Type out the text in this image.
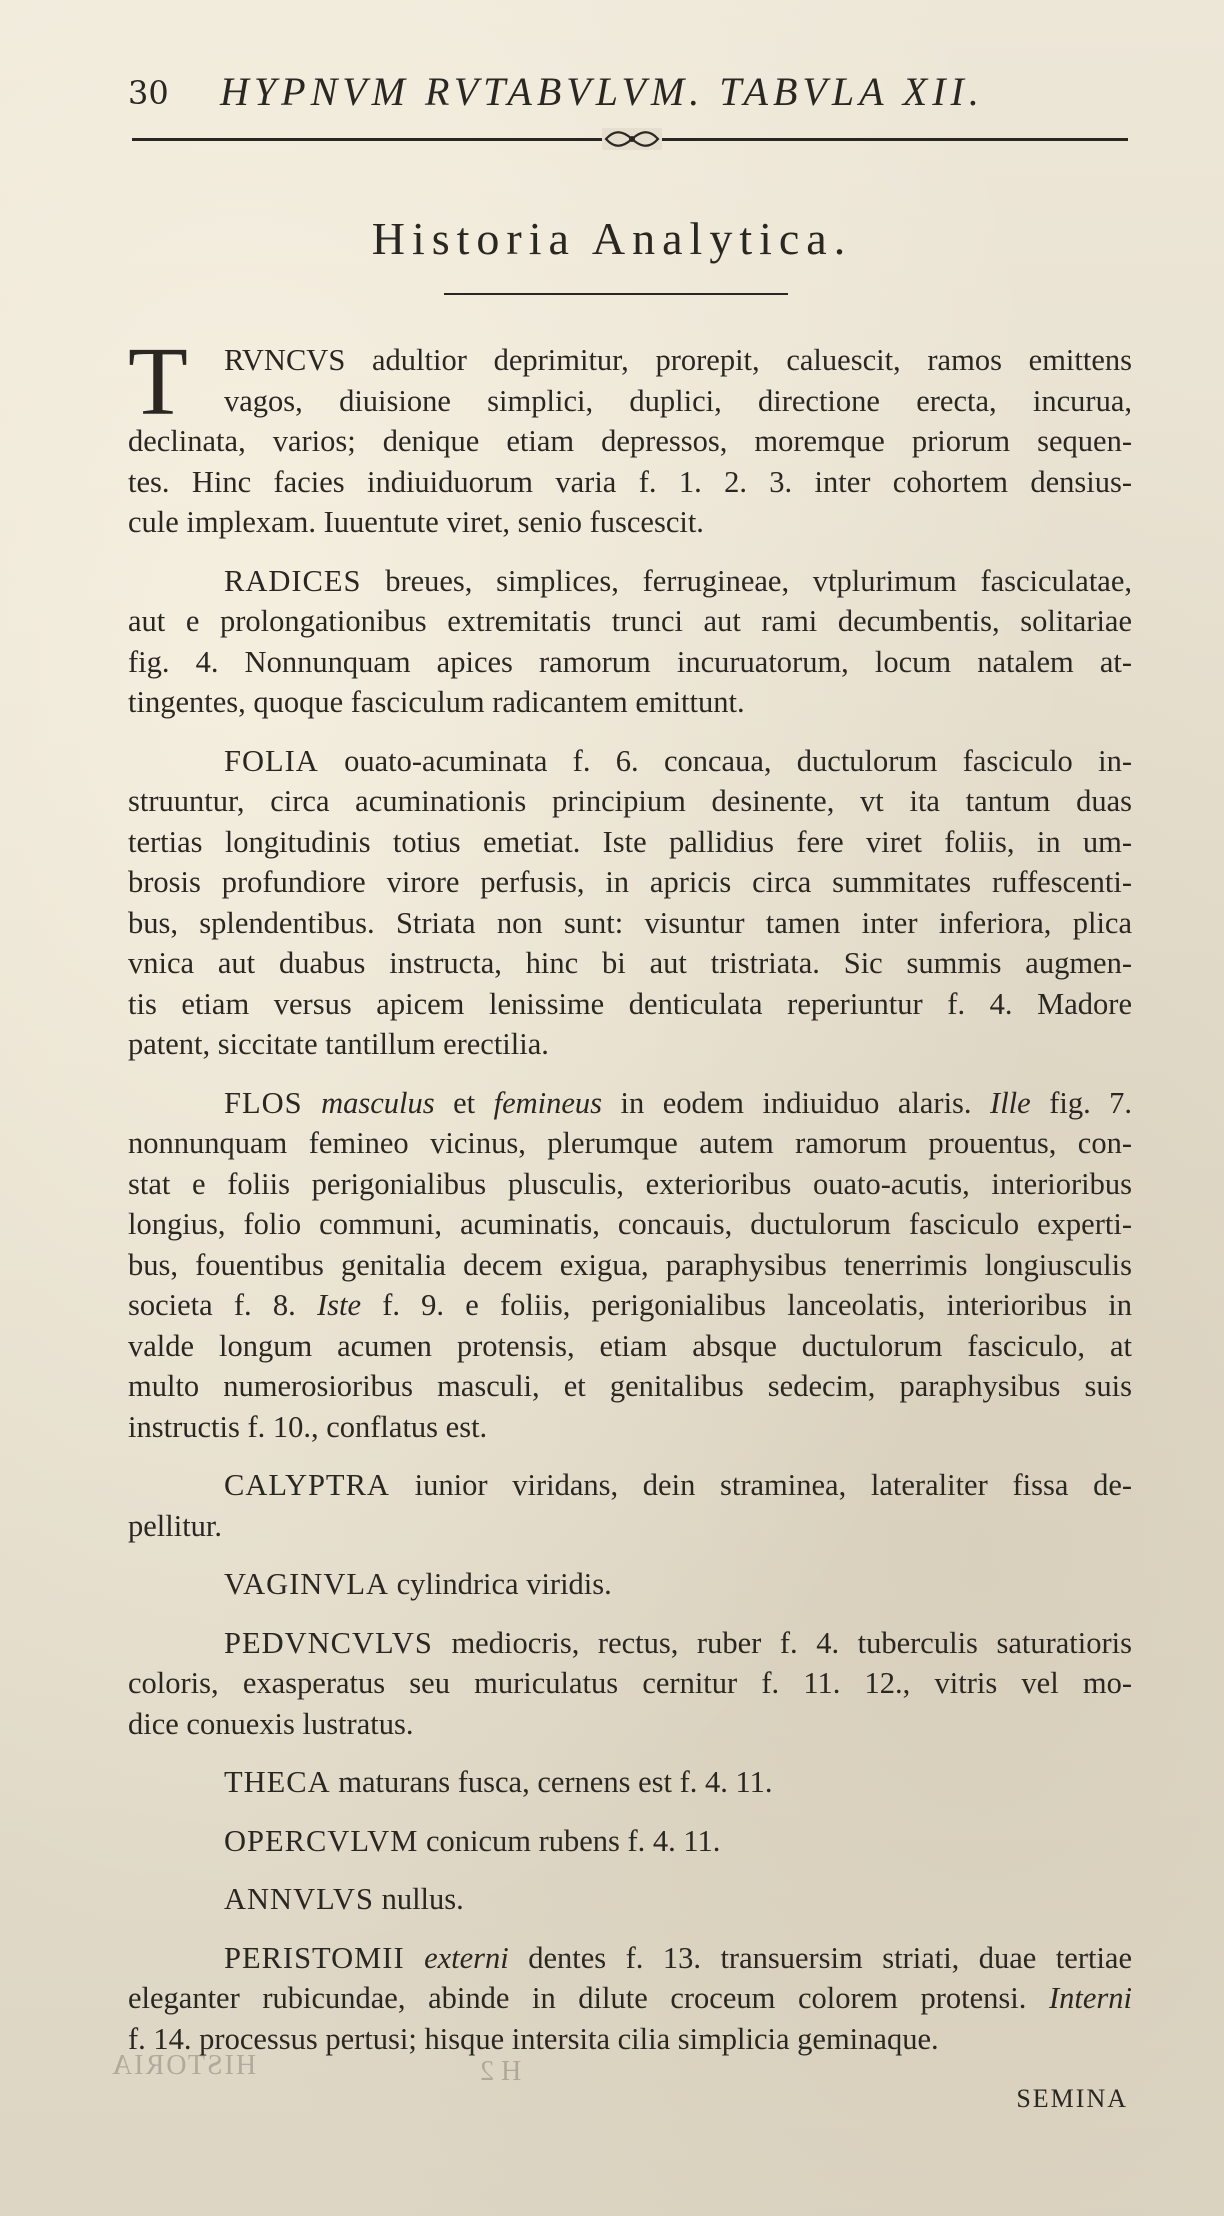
30 HYPNVM RVTABVLVM. TABVLA XII.
Historia Analytica.
T	RVNCVS adultior deprimitur, prorepit, caluescit, ramos emittens
vagos, diuisione simplici, duplici, directione erecta, incurua,
declinata, varios; denique etiam depressos, moremque priorum sequen-
tes. Hinc facies indiuiduorum varia f. 1. 2. 3. inter cohortem densius-
cule implexam. Iuuentute viret, senio fuscescit.
RADICES breues, simplices, ferrugineae, vtplurimum fasciculatae,
aut e prolongationibus extremitatis trunci aut rami decumbentis, solitariae
fig. 4. Nonnunquam apices ramorum incuruatorum, locum natalem at-
tingentes, quoque fasciculum radicantem emittunt.
FOLIA ouato-acuminata f. 6. concaua, ductulorum fasciculo in-
struuntur, circa acuminationis principium desinente, vt ita tantum duas
tertias longitudinis totius emetiat. Iste pallidius fere viret foliis, in um-
brosis profundiore virore perfusis, in apricis circa summitates ruffescenti-
bus, splendentibus. Striata non sunt: visuntur tamen inter inferiora, plica
vnica aut duabus instructa, hinc bi aut tristriata. Sic summis augmen-
tis etiam versus apicem lenissime denticulata reperiuntur f. 4. Madore
patent, siccitate tantillum erectilia.
FLOS masculus et femineus in eodem indiuiduo alaris. Ille fig. 7.
nonnunquam femineo vicinus, plerumque autem ramorum prouentus, con-
stat e foliis perigonialibus plusculis, exterioribus ouato-acutis, interioribus
longius, folio communi, acuminatis, concauis, ductulorum fasciculo experti-
bus, fouentibus genitalia decem exigua, paraphysibus tenerrimis longiusculis
societa f. 8. Iste f. 9. e foliis, perigonialibus lanceolatis, interioribus in
valde longum acumen protensis, etiam absque ductulorum fasciculo, at
multo numerosioribus masculi, et genitalibus sedecim, paraphysibus suis
instructis f. 10., conflatus est.
CALYPTRA iunior viridans, dein straminea, lateraliter fissa de-
pellitur.
VAGINVLA cylindrica viridis.
PEDVNCVLVS mediocris, rectus, ruber f. 4. tuberculis saturatioris
coloris, exasperatus seu muriculatus cernitur f. 11. 12., vitris vel mo-
dice conuexis lustratus.
THECA maturans fusca, cernens est f. 4. 11.
OPERCVLVM conicum rubens f. 4. 11.
ANNVLVS nullus.
PERISTOMII externi dentes f. 13. transuersim striati, duae tertiae
eleganter rubicundae, abinde in dilute croceum colorem protensi. Interni
f. 14. processus pertusi; hisque intersita cilia simplicia geminaque.
HISTORIA	H 2
SEMINA
